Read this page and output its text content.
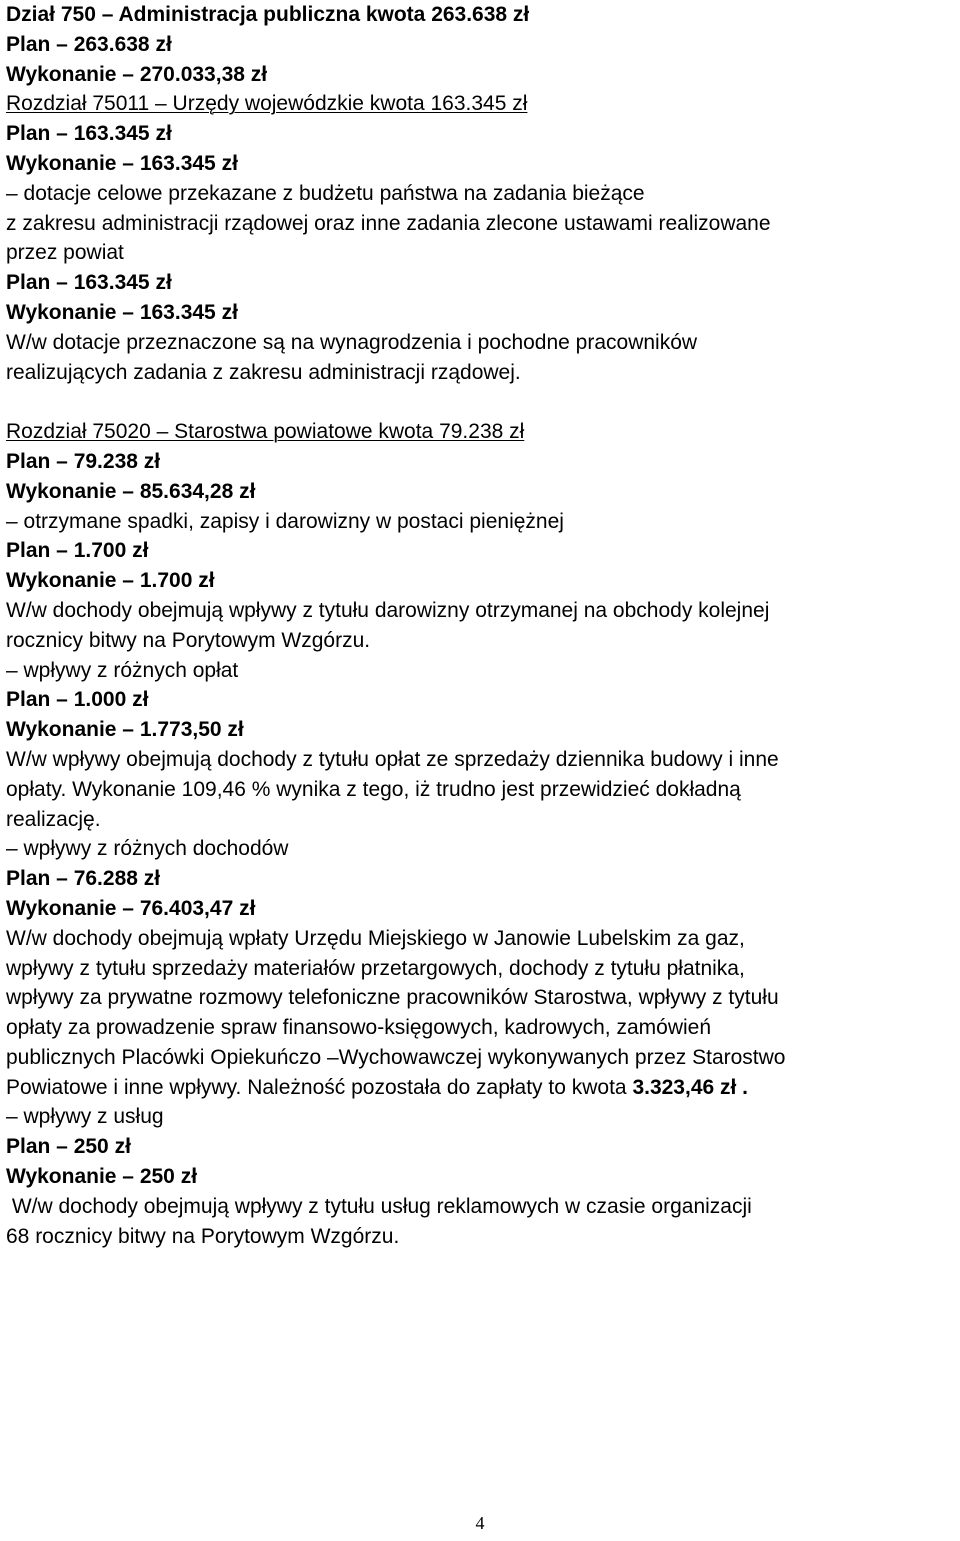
Dział 750 – Administracja publiczna kwota 263.638 zł
Plan – 263.638 zł
Wykonanie – 270.033,38 zł
Rozdział 75011 – Urzędy wojewódzkie kwota 163.345 zł
Plan – 163.345 zł
Wykonanie – 163.345 zł
– dotacje celowe przekazane z budżetu państwa na zadania bieżące
z zakresu administracji rządowej oraz inne zadania zlecone ustawami realizowane
przez powiat
Plan – 163.345 zł
Wykonanie – 163.345 zł
W/w dotacje przeznaczone są na wynagrodzenia i pochodne pracowników
realizujących zadania z zakresu administracji rządowej.
Rozdział 75020 – Starostwa powiatowe kwota 79.238 zł
Plan – 79.238 zł
Wykonanie – 85.634,28 zł
– otrzymane spadki, zapisy i darowizny w postaci pieniężnej
Plan – 1.700 zł
Wykonanie – 1.700 zł
W/w dochody obejmują wpływy z tytułu darowizny otrzymanej na obchody kolejnej
rocznicy bitwy na Porytowym Wzgórzu.
– wpływy z różnych opłat
Plan – 1.000 zł
Wykonanie – 1.773,50 zł
W/w wpływy obejmują dochody z tytułu opłat ze sprzedaży dziennika budowy i inne
opłaty. Wykonanie 109,46 % wynika z tego, iż trudno jest przewidzieć dokładną
realizację.
– wpływy z różnych dochodów
Plan – 76.288 zł
Wykonanie – 76.403,47 zł
W/w dochody obejmują wpłaty Urzędu Miejskiego w Janowie Lubelskim za gaz,
wpływy z tytułu sprzedaży materiałów przetargowych, dochody z tytułu płatnika,
wpływy za prywatne rozmowy telefoniczne pracowników Starostwa, wpływy z tytułu
opłaty za prowadzenie spraw finansowo-księgowych, kadrowych, zamówień
publicznych Placówki Opiekuńczo –Wychowawczej wykonywanych przez Starostwo
Powiatowe i inne wpływy. Należność pozostała do zapłaty to kwota 3.323,46 zł .
– wpływy z usług
Plan – 250 zł
Wykonanie – 250 zł
W/w dochody obejmują wpływy z tytułu usług reklamowych w czasie organizacji
68 rocznicy bitwy na Porytowym Wzgórzu.
4
